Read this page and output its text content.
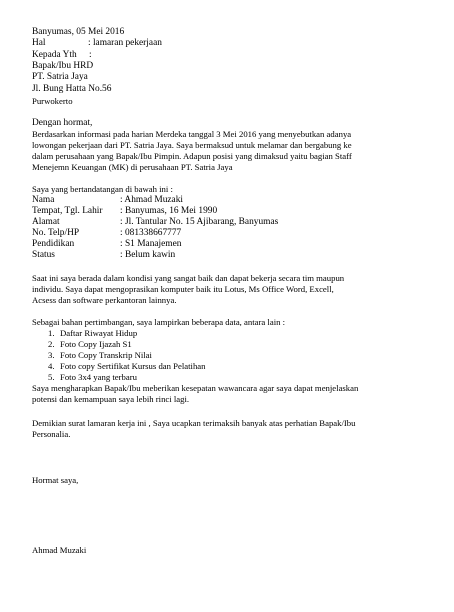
Banyumas, 05 Mei 2016
Hal	: lamaran pekerjaan
Kepada Yth :
Bapak/Ibu HRD
PT. Satria Jaya
Jl. Bung Hatta No.56
Purwokerto
Dengan hormat,
Berdasarkan informasi pada harian Merdeka tanggal 3 Mei 2016 yang menyebutkan adanya
lowongan pekerjaan dari PT. Satria Jaya. Saya bermaksud untuk melamar dan bergabung ke
dalam perusahaan yang Bapak/Ibu Pimpin. Adapun posisi yang dimaksud yaitu bagian Staff
Menejemn Keuangan (MK) di perusahaan PT. Satria Jaya
Saya yang bertandatangan di bawah ini :
Nama	: Ahmad Muzaki
Tempat, Tgl. Lahir : Banyumas, 16 Mei 1990
Alamat	: Jl. Tantular No. 15 Ajibarang, Banyumas
No. Telp/HP	: 081338667777
Pendidikan	: S1 Manajemen
Status	: Belum kawin
Saat ini saya berada dalam kondisi yang sangat baik dan dapat bekerja secara tim maupun
individu. Saya dapat mengoprasikan komputer baik itu Lotus, Ms Office Word, Excell,
Acsess dan software perkantoran lainnya.
Sebagai bahan pertimbangan, saya lampirkan beberapa data, antara lain :
1. Daftar Riwayat Hidup
2. Foto Copy Ijazah S1
3. Foto Copy Transkrip Nilai
4. Foto copy Sertifikat Kursus dan Pelatihan
5. Foto 3x4 yang terbaru
Saya mengharapkan Bapak/Ibu meberikan kesepatan wawancara agar saya dapat menjelaskan
potensi dan kemampuan saya lebih rinci lagi.
Demikian surat lamaran kerja ini , Saya ucapkan terimaksih banyak atas perhatian Bapak/Ibu
Personalia.
Hormat saya,
Ahmad Muzaki
